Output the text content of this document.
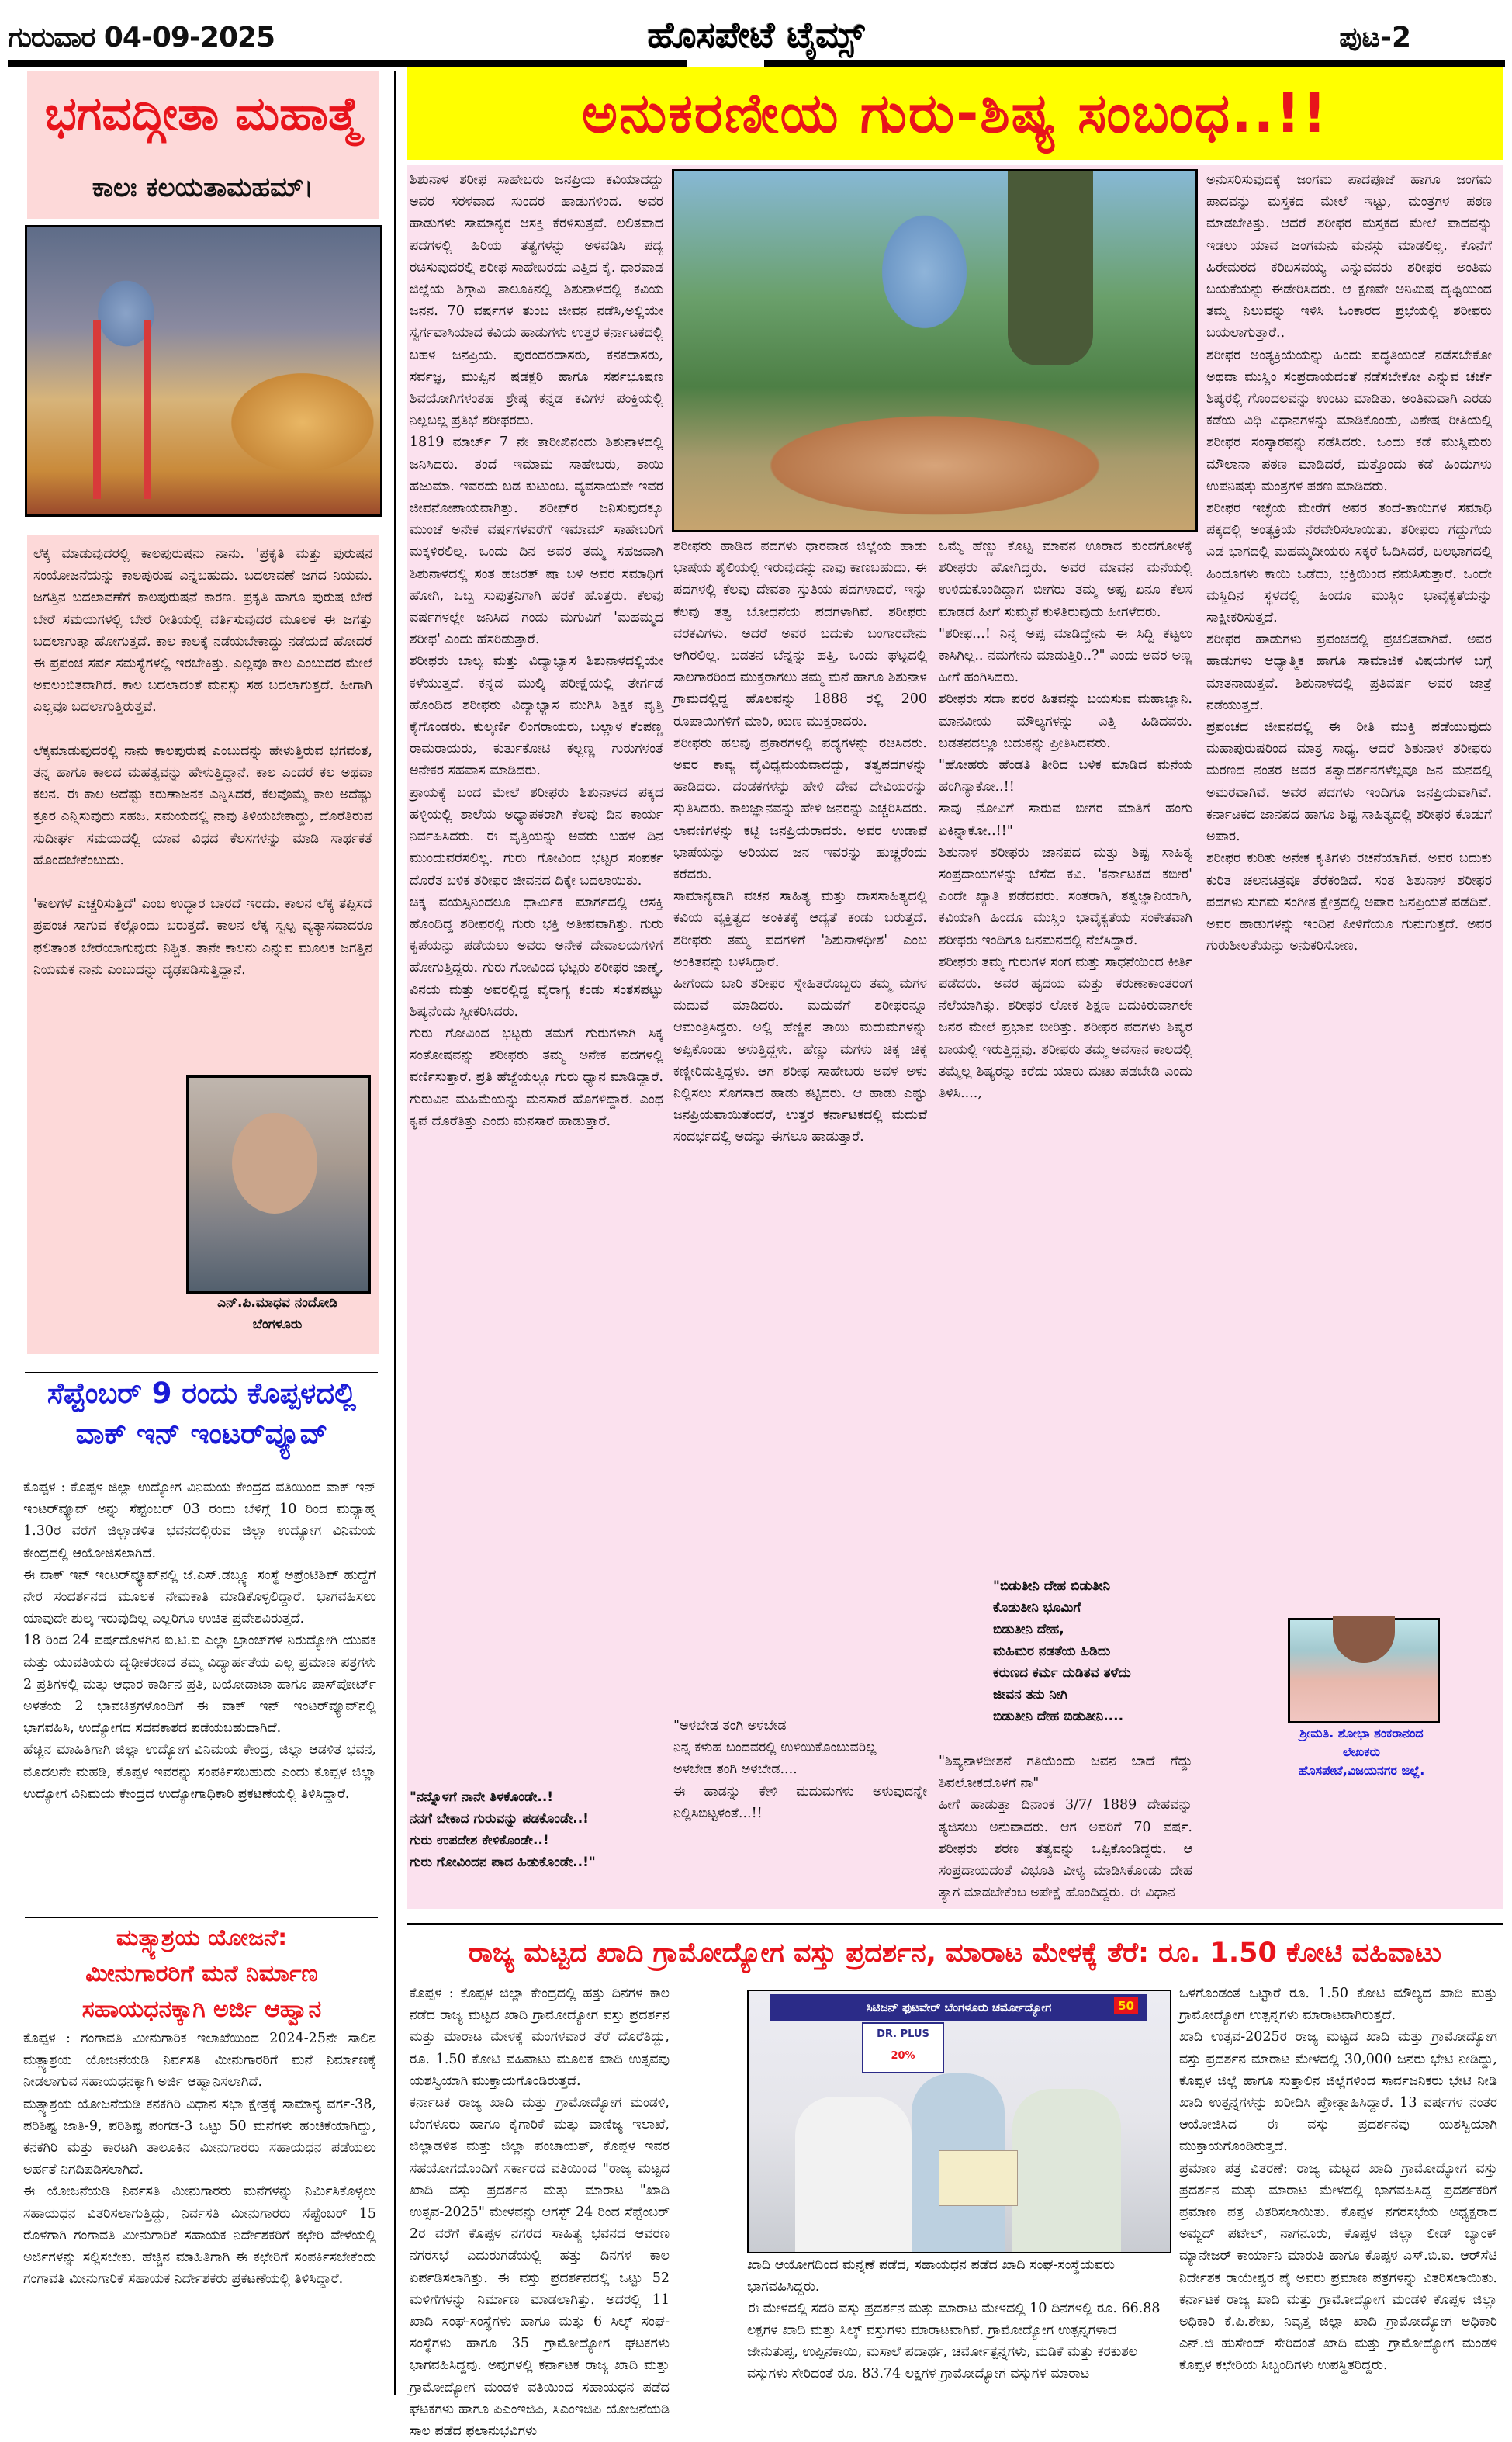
ಹೊಸಪೇಟೆ ಟೈಮ್ಸ್
ಗುರುವಾರ 04-09-2025	ಪುಟ-2
ಭಗವದ್ಗೀತಾ ಮಹಾತ್ಮೆ
ಕಾಲಃ ಕಲಯತಾಮಹಮ್।
ಲೆಕ್ಕ ಮಾಡುವುದರಲ್ಲಿ ಕಾಲಪುರುಷನು ನಾನು. 'ಪ್ರಕೃತಿ ಮತ್ತು ಪುರುಷನ ಸಂಯೋಜನೆಯನ್ನು ಕಾಲಪುರುಷ ಎನ್ನಬಹುದು. ಬದಲಾವಣೆ ಜಗದ ನಿಯಮ. ಜಗತ್ತಿನ ಬದಲಾವಣೆಗೆ ಕಾಲಪುರುಷನೆ ಕಾರಣ. ಪ್ರಕೃತಿ ಹಾಗೂ ಪುರುಷ ಬೇರೆ ಬೇರೆ ಸಮಯಗಳಲ್ಲಿ ಬೇರೆ ರೀತಿಯಲ್ಲಿ ವರ್ತಿಸುವುದರ ಮೂಲಕ ಈ ಜಗತ್ತು ಬದಲಾಗುತ್ತಾ ಹೋಗುತ್ತದೆ. ಕಾಲ ಕಾಲಕ್ಕೆ ನಡೆಯಬೇಕಾದ್ದು ನಡೆಯದೆ ಹೋದರೆ ಈ ಪ್ರಪಂಚ ಸರ್ವ ಸಮಸ್ಯೆಗಳಲ್ಲಿ ಇರಬೇಕಿತ್ತು. ಎಲ್ಲವೂ ಕಾಲ ಎಂಬುದರ ಮೇಲೆ ಅವಲಂಬಿತವಾಗಿದೆ. ಕಾಲ ಬದಲಾದಂತೆ ಮನಸ್ಸು ಸಹ ಬದಲಾಗುತ್ತದೆ. ಹೀಗಾಗಿ ಎಲ್ಲವೂ ಬದಲಾಗುತ್ತಿರುತ್ತವೆ.

ಲೆಕ್ಕಮಾಡುವುದರಲ್ಲಿ ನಾನು ಕಾಲಪುರುಷ ಎಂಬುದನ್ನು ಹೇಳುತ್ತಿರುವ ಭಗವಂತ, ತನ್ನ ಹಾಗೂ ಕಾಲದ ಮಹತ್ವವನ್ನು ಹೇಳುತ್ತಿದ್ದಾನೆ. ಕಾಲ ಎಂದರೆ ಕಲ ಅಥವಾ ಕಲನ. ಈ ಕಾಲ ಅದೆಷ್ಟು ಕರುಣಾಜನಕ ಎನ್ನಿಸಿದರೆ, ಕೆಲವೊಮ್ಮೆ ಕಾಲ ಅದೆಷ್ಟು ಕ್ರೂರ ಎನ್ನಿಸುವುದು ಸಹಜ. ಸಮಯದಲ್ಲಿ ನಾವು ತಿಳಿಯಬೇಕಾದ್ದು, ದೊರೆತಿರುವ ಸುದೀರ್ಘ ಸಮಯದಲ್ಲಿ ಯಾವ ವಿಧದ ಕೆಲಸಗಳನ್ನು ಮಾಡಿ ಸಾರ್ಥಕತೆ ಹೊಂದಬೇಕೆಂಬುದು.

'ಕಾಲಗಳೆ ಎಚ್ಚರಿಸುತ್ತಿದೆ' ಎಂಬ ಉದ್ಧಾರ ಬಾರದೆ ಇರದು. ಕಾಲನ ಲೆಕ್ಕ ತಪ್ಪಿಸದೆ ಪ್ರಪಂಚ ಸಾಗುವ ಕೆಲ್ಲೊಂದು ಬರುತ್ತದೆ. ಕಾಲನ ಲೆಕ್ಕ ಸ್ವಲ್ಪ ವ್ಯತ್ಯಾಸವಾದರೂ ಫಲಿತಾಂಶ ಬೇರೆಯಾಗುವುದು ನಿಶ್ಚಿತ. ತಾನೇ ಕಾಲನು ಎನ್ನುವ ಮೂಲಕ ಜಗತ್ತಿನ ನಿಯಮಕ ನಾನು ಎಂಬುದನ್ನು ದೃಢಪಡಿಸುತ್ತಿದ್ದಾನೆ.
ಎನ್.ಪಿ.ಮಾಧವ ನಂದೋಡಿ
ಬೆಂಗಳೂರು
ಸೆಪ್ಟೆಂಬರ್ 9 ರಂದು ಕೊಪ್ಪಳದಲ್ಲಿ
ವಾಕ್ ಇನ್ ಇಂಟರ್‌ವ್ಯೂವ್
ಕೊಪ್ಪಳ : ಕೊಪ್ಪಳ ಜಿಲ್ಲಾ ಉದ್ಯೋಗ ವಿನಿಮಯ ಕೇಂದ್ರದ ವತಿಯಿಂದ ವಾಕ್ ಇನ್ ಇಂಟರ್‌ವ್ಯೂವ್ ಅನ್ನು ಸೆಪ್ಟೆಂಬರ್ 03 ರಂದು ಬೆಳಿಗ್ಗೆ 10 ರಿಂದ ಮಧ್ಯಾಹ್ನ 1.30ರ ವರೆಗೆ ಜಿಲ್ಲಾಡಳಿತ ಭವನದಲ್ಲಿರುವ ಜಿಲ್ಲಾ ಉದ್ಯೋಗ ವಿನಿಮಯ ಕೇಂದ್ರದಲ್ಲಿ ಆಯೋಜಿಸಲಾಗಿದೆ.
ಈ ವಾಕ್ ಇನ್ ಇಂಟರ್‌ವ್ಯೂವ್‌ನಲ್ಲಿ ಜೆ.ಎಸ್.ಡಬ್ಲ್ಯೂ ಸಂಸ್ಥೆ ಅಪ್ರೆಂಟಿಶಿಪ್ ಹುದ್ದೆಗೆ ನೇರ ಸಂದರ್ಶನದ ಮೂಲಕ ನೇಮಕಾತಿ ಮಾಡಿಕೊಳ್ಳಲಿದ್ದಾರೆ. ಭಾಗವಹಿಸಲು ಯಾವುದೇ ಶುಲ್ಕ ಇರುವುದಿಲ್ಲ ಎಲ್ಲರಿಗೂ ಉಚಿತ ಪ್ರವೇಶವಿರುತ್ತದೆ.
18 ರಿಂದ 24 ವರ್ಷದೊಳಗಿನ ಐ.ಟಿ.ಐ ಎಲ್ಲಾ ಬ್ರಾಂಚ್‌ಗಳ ನಿರುದ್ಯೋಗಿ ಯುವಕ ಮತ್ತು ಯುವತಿಯರು ದೃಢೀಕರಣದ ತಮ್ಮ ವಿದ್ಯಾರ್ಹತೆಯ ಎಲ್ಲ ಪ್ರಮಾಣ ಪತ್ರಗಳು 2 ಪ್ರತಿಗಳಲ್ಲಿ ಮತ್ತು ಆಧಾರ ಕಾರ್ಡಿನ ಪ್ರತಿ, ಬಯೋಡಾಟಾ ಹಾಗೂ ಪಾಸ್‌ಪೋರ್ಟ್ ಅಳತೆಯ 2 ಭಾವಚಿತ್ರಗಳೊಂದಿಗೆ ಈ ವಾಕ್ ಇನ್ ಇಂಟರ್‌ವ್ಯೂವ್‌ನಲ್ಲಿ ಭಾಗವಹಿಸಿ, ಉದ್ಯೋಗದ ಸದವಕಾಶದ ಪಡೆಯಬಹುದಾಗಿದೆ.
ಹೆಚ್ಚಿನ ಮಾಹಿತಿಗಾಗಿ ಜಿಲ್ಲಾ ಉದ್ಯೋಗ ವಿನಿಮಯ ಕೇಂದ್ರ, ಜಿಲ್ಲಾ ಆಡಳಿತ ಭವನ, ಮೊದಲನೇ ಮಹಡಿ, ಕೊಪ್ಪಳ ಇವರನ್ನು ಸಂಪರ್ಕಿಸಬಹುದು ಎಂದು ಕೊಪ್ಪಳ ಜಿಲ್ಲಾ ಉದ್ಯೋಗ ವಿನಿಮಯ ಕೇಂದ್ರದ ಉದ್ಯೋಗಾಧಿಕಾರಿ ಪ್ರಕಟಣೆಯಲ್ಲಿ ತಿಳಿಸಿದ್ದಾರೆ.
ಮತ್ಸ್ಯಾಶ್ರಯ ಯೋಜನೆ:
ಮೀನುಗಾರರಿಗೆ ಮನೆ ನಿರ್ಮಾಣ
ಸಹಾಯಧನಕ್ಕಾಗಿ ಅರ್ಜಿ ಆಹ್ವಾನ
ಕೊಪ್ಪಳ : ಗಂಗಾವತಿ ಮೀನುಗಾರಿಕ ಇಲಾಖೆಯಿಂದ 2024-25ನೇ ಸಾಲಿನ ಮತ್ಸ್ಯಾಶ್ರಯ ಯೋಜನೆಯಡಿ ನಿರ್ವಸತಿ ಮೀನುಗಾರರಿಗೆ ಮನೆ ನಿರ್ಮಾಣಕ್ಕೆ ನೀಡಲಾಗುವ ಸಹಾಯಧನಕ್ಕಾಗಿ ಅರ್ಜಿ ಆಹ್ವಾನಿಸಲಾಗಿದೆ.
ಮತ್ಸ್ಯಾಶ್ರಯ ಯೋಜನೆಯಡಿ ಕನಕಗಿರಿ ವಿಧಾನ ಸಭಾ ಕ್ಷೇತ್ರಕ್ಕೆ ಸಾಮಾನ್ಯ ವರ್ಗ-38, ಪರಿಶಿಷ್ಟ ಜಾತಿ-9, ಪರಿಶಿಷ್ಟ ಪಂಗಡ-3 ಒಟ್ಟು 50 ಮನೆಗಳು ಹಂಚಿಕೆಯಾಗಿದ್ದು, ಕನಕಗಿರಿ ಮತ್ತು ಕಾರಟಗಿ ತಾಲೂಕಿನ ಮೀನುಗಾರರು ಸಹಾಯಧನ ಪಡೆಯಲು ಅರ್ಹತೆ ನಿಗದಿಪಡಿಸಲಾಗಿದೆ.
ಈ ಯೋಜನೆಯಡಿ ನಿರ್ವಸತಿ ಮೀನುಗಾರರು ಮನೆಗಳನ್ನು ನಿರ್ಮಿಸಿಕೊಳ್ಳಲು ಸಹಾಯಧನ ವಿತರಿಸಲಾಗುತ್ತಿದ್ದು, ನಿರ್ವಸತಿ ಮೀನುಗಾರರು ಸೆಪ್ಟೆಂಬರ್ 15 ರೊಳಗಾಗಿ ಗಂಗಾವತಿ ಮೀನುಗಾರಿಕೆ ಸಹಾಯಕ ನಿರ್ದೇಶಕರಿಗೆ ಕಛೇರಿ ವೇಳೆಯಲ್ಲಿ ಅರ್ಜಿಗಳನ್ನು ಸಲ್ಲಿಸಬೇಕು. ಹೆಚ್ಚಿನ ಮಾಹಿತಿಗಾಗಿ ಈ ಕಛೇರಿಗೆ ಸಂಪರ್ಕಿಸಬೇಕೆಂದು ಗಂಗಾವತಿ ಮೀನುಗಾರಿಕೆ ಸಹಾಯಕ ನಿರ್ದೇಶಕರು ಪ್ರಕಟಣೆಯಲ್ಲಿ ತಿಳಿಸಿದ್ದಾರೆ.
ಅನುಕರಣೀಯ ಗುರು-ಶಿಷ್ಯ ಸಂಬಂಧ..!!
ಶಿಶುನಾಳ ಶರೀಫ ಸಾಹೇಬರು ಜನಪ್ರಿಯ ಕವಿಯಾದದ್ದು ಅವರ ಸರಳವಾದ ಸುಂದರ ಹಾಡುಗಳಿಂದ. ಅವರ ಹಾಡುಗಳು ಸಾಮಾನ್ಯರ ಆಸಕ್ತಿ ಕೆರಳಿಸುತ್ತವೆ. ಲಲಿತವಾದ ಪದಗಳಲ್ಲಿ ಹಿರಿಯ ತತ್ವಗಳನ್ನು ಅಳವಡಿಸಿ ಪದ್ಯ ರಚಿಸುವುದರಲ್ಲಿ ಶರೀಫ ಸಾಹೇಬರದು ಎತ್ತಿದ ಕೈ. ಧಾರವಾಡ ಜಿಲ್ಲೆಯ ಶಿಗ್ಗಾವಿ ತಾಲೂಕಿನಲ್ಲಿ ಶಿಶುನಾಳದಲ್ಲಿ ಕವಿಯ ಜನನ. 70 ವರ್ಷಗಳ ತುಂಬ ಜೀವನ ನಡೆಸಿ,ಅಲ್ಲಿಯೇ ಸ್ವರ್ಗವಾಸಿಯಾದ ಕವಿಯ ಹಾಡುಗಳು ಉತ್ತರ ಕರ್ನಾಟಕದಲ್ಲಿ ಬಹಳ ಜನಪ್ರಿಯ. ಪುರಂದರದಾಸರು, ಕನಕದಾಸರು, ಸರ್ವಜ್ಞ, ಮುಪ್ಪಿನ ಷಡಕ್ಷರಿ ಹಾಗೂ ಸರ್ಪಭೂಷಣ ಶಿವಯೋಗಿಗಳಂತಹ ಶ್ರೇಷ್ಠ ಕನ್ನಡ ಕವಿಗಳ ಪಂಕ್ತಿಯಲ್ಲಿ ನಿಲ್ಲಬಲ್ಲ ಪ್ರತಿಭೆ ಶರೀಫರದು.
1819 ಮಾರ್ಚ್ 7 ನೇ ತಾರೀಖಿನಂದು ಶಿಶುನಾಳದಲ್ಲಿ ಜನಿಸಿದರು. ತಂದೆ ಇಮಾಮ ಸಾಹೇಬರು, ತಾಯಿ ಹಜುಮಾ. ಇವರದು ಬಡ ಕುಟುಂಬ. ವ್ಯವಸಾಯವೇ ಇವರ ಜೀವನೋಪಾಯವಾಗಿತ್ತು. ಶರೀಫ್‌ರ ಜನಿಸುವುದಕ್ಕೂ ಮುಂಚೆ ಅನೇಕ ವರ್ಷಗಳವರೆಗೆ ಇಮಾಮ್ ಸಾಹೇಬರಿಗೆ ಮಕ್ಕಳಿರಲಿಲ್ಲ. ಒಂದು ದಿನ ಅವರ ತಮ್ಮ ಸಹಜವಾಗಿ ಶಿಶುನಾಳದಲ್ಲಿ ಸಂತ ಹಜರತ್ ಷಾ ಬಳಿ ಅವರ ಸಮಾಧಿಗೆ ಹೋಗಿ, ಒಬ್ಬ ಸುಪುತ್ರನಿಗಾಗಿ ಹರಕೆ ಹೊತ್ತರು. ಕೆಲವು ವರ್ಷಗಳಲ್ಲೇ ಜನಿಸಿದ ಗಂಡು ಮಗುವಿಗೆ 'ಮಹಮ್ಮದ ಶರೀಫ' ಎಂದು ಹೆಸರಿಡುತ್ತಾರೆ.
ಶರೀಫರು ಬಾಲ್ಯ ಮತ್ತು ವಿದ್ಯಾಭ್ಯಾಸ ಶಿಶುನಾಳದಲ್ಲಿಯೇ ಕಳೆಯುತ್ತದೆ. ಕನ್ನಡ ಮುಲ್ಕಿ ಪರೀಕ್ಷೆಯಲ್ಲಿ ತೇರ್ಗಡೆ ಹೊಂದಿದ ಶರೀಫರು ವಿದ್ಯಾಭ್ಯಾಸ ಮುಗಿಸಿ ಶಿಕ್ಷಕ ವೃತ್ತಿ ಕೈಗೊಂಡರು. ಕುಲ್ಕರ್ಣಿ ಲಿಂಗರಾಯರು, ಬಲ್ಲಾಳ ಕೆಂಪಣ್ಣ ರಾಮರಾಯರು, ಕುರ್ತುಕೋಟಿ ಕಲ್ಲಣ್ಣ ಗುರುಗಳಂತೆ ಅನೇಕರ ಸಹವಾಸ ಮಾಡಿದರು.
ಪ್ರಾಯಕ್ಕೆ ಬಂದ ಮೇಲೆ ಶರೀಫರು ಶಿಶುನಾಳದ ಪಕ್ಕದ ಹಳ್ಳಿಯಲ್ಲಿ ಶಾಲೆಯ ಅಧ್ಯಾಪಕರಾಗಿ ಕೆಲವು ದಿನ ಕಾರ್ಯ ನಿರ್ವಹಿಸಿದರು. ಈ ವೃತ್ತಿಯನ್ನು ಅವರು ಬಹಳ ದಿನ ಮುಂದುವರೆಸಲಿಲ್ಲ. ಗುರು ಗೋವಿಂದ ಭಟ್ಟರ ಸಂಪರ್ಕ ದೊರೆತ ಬಳಿಕ ಶರೀಫರ ಜೀವನದ ದಿಕ್ಕೇ ಬದಲಾಯಿತು.
ಚಿಕ್ಕ ವಯಸ್ಸಿನಿಂದಲೂ ಧಾರ್ಮಿಕ ಮಾರ್ಗದಲ್ಲಿ ಆಸಕ್ತಿ ಹೊಂದಿದ್ದ ಶರೀಫರಲ್ಲಿ ಗುರು ಭಕ್ತಿ ಅತೀವವಾಗಿತ್ತು. ಗುರು ಕೃಪೆಯನ್ನು ಪಡೆಯಲು ಅವರು ಅನೇಕ ದೇವಾಲಯಗಳಿಗೆ ಹೋಗುತ್ತಿದ್ದರು. ಗುರು ಗೋವಿಂದ ಭಟ್ಟರು ಶರೀಫರ ಜಾಣ್ಮೆ, ವಿನಯ ಮತ್ತು ಅವರಲ್ಲಿದ್ದ ವೈರಾಗ್ಯ ಕಂಡು ಸಂತಸಪಟ್ಟು ಶಿಷ್ಯನೆಂದು ಸ್ವೀಕರಿಸಿದರು.
ಗುರು ಗೋವಿಂದ ಭಟ್ಟರು ತಮಗೆ ಗುರುಗಳಾಗಿ ಸಿಕ್ಕ ಸಂತೋಷವನ್ನು ಶರೀಫರು ತಮ್ಮ ಅನೇಕ ಪದಗಳಲ್ಲಿ ವರ್ಣಿಸುತ್ತಾರೆ. ಪ್ರತಿ ಹೆಜ್ಜೆಯಲ್ಲೂ ಗುರು ಧ್ಯಾನ ಮಾಡಿದ್ದಾರೆ. ಗುರುವಿನ ಮಹಿಮೆಯನ್ನು ಮನಸಾರೆ ಹೊಗಳಿದ್ದಾರೆ. ಎಂಥ ಕೃಪೆ ದೊರೆತಿತ್ತು ಎಂದು ಮನಸಾರೆ ಹಾಡುತ್ತಾರೆ.
"ನನ್ನೊಳಗೆ ನಾನೇ ತಿಳಕೊಂಡೇ..!
ನನಗೆ ಬೇಕಾದ ಗುರುವನ್ನು ಪಡಕೊಂಡೇ..!
ಗುರು ಉಪದೇಶ ಕೇಳಿಕೊಂಡೇ..!
ಗುರು ಗೋವಿಂದನ ಪಾದ ಹಿಡುಕೊಂಡೇ..!"
ಶರೀಫರು ಹಾಡಿದ ಪದಗಳು ಧಾರವಾಡ ಜಿಲ್ಲೆಯ ಹಾಡು ಭಾಷೆಯ ಶೈಲಿಯಲ್ಲಿ ಇರುವುದನ್ನು ನಾವು ಕಾಣಬಹುದು. ಈ ಪದಗಳಲ್ಲಿ ಕೆಲವು ದೇವತಾ ಸ್ತುತಿಯ ಪದಗಳಾದರೆ, ಇನ್ನು ಕೆಲವು ತತ್ವ ಬೋಧನೆಯ ಪದಗಳಾಗಿವೆ. ಶರೀಫರು ವರಕವಿಗಳು. ಅದರೆ ಅವರ ಬದುಕು ಬಂಗಾರವೇನು ಆಗಿರಲಿಲ್ಲ. ಬಡತನ ಬೆನ್ನನ್ನು ಹತ್ತಿ, ಒಂದು ಘಟ್ಟದಲ್ಲಿ ಸಾಲಗಾರರಿಂದ ಮುಕ್ತರಾಗಲು ತಮ್ಮ ಮನೆ ಹಾಗೂ ಶಿಶುನಾಳ ಗ್ರಾಮದಲ್ಲಿದ್ದ ಹೊಲವನ್ನು 1888 ರಲ್ಲಿ 200 ರೂಪಾಯಿಗಳಿಗೆ ಮಾರಿ, ಋಣ ಮುಕ್ತರಾದರು.
ಶರೀಫರು ಹಲವು ಪ್ರಕಾರಗಳಲ್ಲಿ ಪದ್ಯಗಳನ್ನು ರಚಿಸಿದರು. ಅವರ ಕಾವ್ಯ ವೈವಿಧ್ಯಮಯವಾದದ್ದು, ತತ್ವಪದಗಳನ್ನು ಹಾಡಿದರು. ದಂಡಕಗಳನ್ನು ಹೇಳಿ ದೇವ ದೇವಿಯರನ್ನು ಸ್ತುತಿಸಿದರು. ಕಾಲಜ್ಞಾನವನ್ನು ಹೇಳಿ ಜನರನ್ನು ಎಚ್ಚರಿಸಿದರು. ಲಾವಣಿಗಳನ್ನು ಕಟ್ಟಿ ಜನಪ್ರಿಯರಾದರು. ಅವರ ಉಡಾಫೆ ಭಾಷೆಯನ್ನು ಅರಿಯದ ಜನ ಇವರನ್ನು ಹುಚ್ಚರೆಂದು ಕರೆದರು.
ಸಾಮಾನ್ಯವಾಗಿ ವಚನ ಸಾಹಿತ್ಯ ಮತ್ತು ದಾಸಸಾಹಿತ್ಯದಲ್ಲಿ ಕವಿಯ ವ್ಯಕ್ತಿತ್ವದ ಅಂಕಿತಕ್ಕೆ ಆದ್ಯತೆ ಕಂಡು ಬರುತ್ತದೆ. ಶರೀಫರು ತಮ್ಮ ಪದಗಳಿಗೆ 'ಶಿಶುನಾಳಧೀಶ' ಎಂಬ ಅಂಕಿತವನ್ನು ಬಳಸಿದ್ದಾರೆ.
ಹೀಗೆಂದು ಬಾರಿ ಶರೀಫರ ಸ್ನೇಹಿತರೊಬ್ಬರು ತಮ್ಮ ಮಗಳ ಮದುವೆ ಮಾಡಿದರು. ಮದುವೆಗೆ ಶರೀಫರನ್ನೂ ಆಮಂತ್ರಿಸಿದ್ದರು. ಅಲ್ಲಿ ಹೆಣ್ಣಿನ ತಾಯಿ ಮದುಮಗಳನ್ನು ಅಪ್ಪಿಕೊಂಡು ಅಳುತ್ತಿದ್ದಳು. ಹೆಣ್ಣು ಮಗಳು ಚಿಕ್ಕ ಚಿಕ್ಕ ಕಣ್ಣೀರಿಡುತ್ತಿದ್ದಳು. ಆಗ ಶರೀಫ ಸಾಹೇಬರು ಅವಳ ಅಳು ನಿಲ್ಲಿಸಲು ಸೊಗಸಾದ ಹಾಡು ಕಟ್ಟಿದರು. ಆ ಹಾಡು ಎಷ್ಟು ಜನಪ್ರಿಯವಾಯಿತೆಂದರೆ, ಉತ್ತರ ಕರ್ನಾಟಕದಲ್ಲಿ ಮದುವೆ ಸಂದರ್ಭದಲ್ಲಿ ಅದನ್ನು ಈಗಲೂ ಹಾಡುತ್ತಾರೆ.
"ಅಳಬೇಡ ತಂಗಿ ಅಳಬೇಡ
ನಿನ್ನ ಕಳುಹ ಬಂದವರಲ್ಲಿ ಉಳಿಯಿಕೊಂಬುವರಿಲ್ಲ
ಅಳಬೇಡ ತಂಗಿ ಅಳಬೇಡ....
ಈ ಹಾಡನ್ನು ಕೇಳಿ ಮದುಮಗಳು ಅಳುವುದನ್ನೇ ನಿಲ್ಲಿಸಿಬಿಟ್ಟಳಂತೆ...!!
ಒಮ್ಮೆ ಹೆಣ್ಣು ಕೊಟ್ಟ ಮಾವನ ಊರಾದ ಕುಂದಗೋಳಕ್ಕೆ ಶರೀಫರು ಹೋಗಿದ್ದರು. ಅವರ ಮಾವನ ಮನೆಯಲ್ಲಿ ಉಳಿದುಕೊಂಡಿದ್ದಾಗ ಬೀಗರು ತಮ್ಮ ಅಪ್ಪ ಏನೂ ಕೆಲಸ ಮಾಡದೆ ಹೀಗೆ ಸುಮ್ಮನೆ ಕುಳಿತಿರುವುದು ಹೀಗಳೆದರು.
"ಶರೀಫ...! ನಿನ್ನ ಅಪ್ಪ ಮಾಡಿದ್ದೇನು ಈ ಸಿದ್ದಿ ಕಟ್ಟಲು ಕಾಸಿಗಿಲ್ಲ.. ನಮಗೇನು ಮಾಡುತ್ತಿರಿ..?" ಎಂದು ಅವರ ಅಣ್ಣ ಹೀಗೆ ಹಂಗಿಸಿದರು.
ಶರೀಫರು ಸದಾ ಪರರ ಹಿತವನ್ನು ಬಯಸುವ ಮಹಾಜ್ಞಾನಿ. ಮಾನವೀಯ ಮೌಲ್ಯಗಳನ್ನು ಎತ್ತಿ ಹಿಡಿದವರು. ಬಡತನದಲ್ಲೂ ಬದುಕನ್ನು ಪ್ರೀತಿಸಿದವರು.
"ಹೋಹರು ಹೆಂಡತಿ ತೀರಿದ ಬಳಿಕ ಮಾಡಿದ ಮನೆಯ ಹಂಗಿನ್ಯಾಕೋ..!!
ಸಾವು ನೋವಿಗೆ ಸಾರುವ ಬೀಗರ ಮಾತಿಗೆ ಹಂಗು ಏಕಿನ್ನಾಕೋ..!!"
ಶಿಶುನಾಳ ಶರೀಫರು ಜಾನಪದ ಮತ್ತು ಶಿಷ್ಟ ಸಾಹಿತ್ಯ ಸಂಪ್ರದಾಯಗಳನ್ನು ಬೆಸೆದ ಕವಿ. 'ಕರ್ನಾಟಕದ ಕಬೀರ' ಎಂದೇ ಖ್ಯಾತಿ ಪಡೆದವರು. ಸಂತರಾಗಿ, ತತ್ವಜ್ಞಾನಿಯಾಗಿ, ಕವಿಯಾಗಿ ಹಿಂದೂ ಮುಸ್ಲಿಂ ಭಾವೈಕ್ಯತೆಯ ಸಂಕೇತವಾಗಿ ಶರೀಫರು ಇಂದಿಗೂ ಜನಮನದಲ್ಲಿ ನೆಲೆಸಿದ್ದಾರೆ.
ಶರೀಫರು ತಮ್ಮ ಗುರುಗಳ ಸಂಗ ಮತ್ತು ಸಾಧನೆಯಿಂದ ಕೀರ್ತಿ ಪಡೆದರು. ಅವರ ಹೃದಯ ಮತ್ತು ಕರುಣಾಕಾಂತರಂಗ ನೆಲೆಯಾಗಿತ್ತು. ಶರೀಫರ ಲೋಕ ಶಿಕ್ಷಣ ಬದುಕಿರುವಾಗಲೇ ಜನರ ಮೇಲೆ ಪ್ರಭಾವ ಬೀರಿತ್ತು. ಶರೀಫರ ಪದಗಳು ಶಿಷ್ಯರ ಬಾಯಲ್ಲಿ ಇರುತ್ತಿದ್ದವು. ಶರೀಫರು ತಮ್ಮ ಅವಸಾನ ಕಾಲದಲ್ಲಿ ತಮ್ಮೆಲ್ಲ ಶಿಷ್ಯರನ್ನು ಕರೆದು ಯಾರು ದುಃಖ ಪಡಬೇಡಿ ಎಂದು ತಿಳಿಸಿ....,
"ಬಿಡುತೀನಿ ದೇಹ ಬಿಡುತೀನಿ
ಕೊಡುತೀನಿ ಭೂಮಿಗೆ
ಬಿಡುತೀನಿ ದೇಹ,
ಮಹಿಮರ ನಡತೆಯ ಹಿಡಿದು
ಕರುಣದ ಕರ್ಮ ದುಡಿತವ ತಳೆದು
ಜೀವನ ತನು ನೀಗಿ
ಬಿಡುತೀನಿ ದೇಹ ಬಿಡುತೀನಿ....
"ಶಿಷ್ಯನಾಳದೀಶನೆ ಗತಿಯೆಂದು ಜವನ ಬಾದೆ ಗೆದ್ದು ಶಿವಲೋಕದೊಳಗೆ ನಾ"
ಹೀಗೆ ಹಾಡುತ್ತಾ ದಿನಾಂಕ 3/7/ 1889 ದೇಹವನ್ನು ತ್ಯಜಿಸಲು ಅನುವಾದರು. ಆಗ ಅವರಿಗೆ 70 ವರ್ಷ. ಶರೀಫರು ಶರಣ ತತ್ವವನ್ನು ಒಪ್ಪಿಕೊಂಡಿದ್ದರು. ಆ ಸಂಪ್ರದಾಯದಂತೆ ವಿಭೂತಿ ವೀಳ್ಯ ಮಾಡಿಸಿಕೊಂಡು ದೇಹ ತ್ಯಾಗ ಮಾಡಬೇಕೆಂಬ ಅಪೇಕ್ಷೆ ಹೊಂದಿದ್ದರು. ಈ ವಿಧಾನ
ಅನುಸರಿಸುವುದಕ್ಕೆ ಜಂಗಮ ಪಾದಪೂಜೆ ಹಾಗೂ ಜಂಗಮ ಪಾದವನ್ನು ಮಸ್ತಕದ ಮೇಲೆ ಇಟ್ಟು, ಮಂತ್ರಗಳ ಪಠಣ ಮಾಡಬೇಕಿತ್ತು. ಆದರೆ ಶರೀಫರ ಮಸ್ತಕದ ಮೇಲೆ ಪಾದವನ್ನು ಇಡಲು ಯಾವ ಜಂಗಮನು ಮನಸ್ಸು ಮಾಡಲಿಲ್ಲ. ಕೊನೆಗೆ ಹಿರೇಮಠದ ಕರಿಬಸವಯ್ಯ ಎನ್ನುವವರು ಶರೀಫರ ಅಂತಿಮ ಬಯಕೆಯನ್ನು ಈಡೇರಿಸಿದರು. ಆ ಕ್ಷಣವೇ ಅನಿಮಿಷ ದೃಷ್ಟಿಯಿಂದ ತಮ್ಮ ನಿಲುವನ್ನು ಇಳಿಸಿ ಓಂಕಾರದ ಪ್ರಭೆಯಲ್ಲಿ ಶರೀಫರು ಬಯಲಾಗುತ್ತಾರೆ..
ಶರೀಫರ ಅಂತ್ಯಕ್ರಿಯೆಯನ್ನು ಹಿಂದು ಪದ್ಧತಿಯಂತೆ ನಡೆಸಬೇಕೋ ಅಥವಾ ಮುಸ್ಲಿಂ ಸಂಪ್ರದಾಯದಂತೆ ನಡೆಸಬೇಕೋ ಎನ್ನುವ ಚರ್ಚೆ ಶಿಷ್ಯರಲ್ಲಿ ಗೊಂದಲವನ್ನು ಉಂಟು ಮಾಡಿತು. ಅಂತಿಮವಾಗಿ ಎರಡು ಕಡೆಯ ವಿಧಿ ವಿಧಾನಗಳನ್ನು ಮಾಡಿಕೊಂಡು, ವಿಶೇಷ ರೀತಿಯಲ್ಲಿ ಶರೀಫರ ಸಂಸ್ಕಾರವನ್ನು ನಡೆಸಿದರು. ಒಂದು ಕಡೆ ಮುಸ್ಲಿಮರು ಮೌಲಾನಾ ಪಠಣ ಮಾಡಿದರೆ, ಮತ್ತೊಂದು ಕಡೆ ಹಿಂದುಗಳು ಉಪನಿಷತ್ತು ಮಂತ್ರಗಳ ಪಠಣ ಮಾಡಿದರು.
ಶರೀಫರ ಇಚ್ಛೆಯ ಮೇರೆಗೆ ಅವರ ತಂದೆ-ತಾಯಿಗಳ ಸಮಾಧಿ ಪಕ್ಕದಲ್ಲಿ ಅಂತ್ಯಕ್ರಿಯೆ ನೆರವೇರಿಸಲಾಯಿತು. ಶರೀಫರು ಗದ್ದುಗೆಯ ಎಡ ಭಾಗದಲ್ಲಿ ಮಹಮ್ಮದೀಯರು ಸಕ್ಕರೆ ಓದಿಸಿದರೆ, ಬಲಭಾಗದಲ್ಲಿ ಹಿಂದೂಗಳು ಕಾಯಿ ಒಡೆದು, ಭಕ್ತಿಯಿಂದ ನಮಸಿಸುತ್ತಾರೆ. ಒಂದೇ ಮಸ್ಜಿದಿನ ಸ್ಥಳದಲ್ಲಿ ಹಿಂದೂ ಮುಸ್ಲಿಂ ಭಾವೈಕ್ಯತೆಯನ್ನು ಸಾಕ್ಷೀಕರಿಸುತ್ತದೆ.
ಶರೀಫರ ಹಾಡುಗಳು ಪ್ರಪಂಚದಲ್ಲಿ ಪ್ರಚಲಿತವಾಗಿವೆ. ಅವರ ಹಾಡುಗಳು ಆಧ್ಯಾತ್ಮಿಕ ಹಾಗೂ ಸಾಮಾಜಿಕ ವಿಷಯಗಳ ಬಗ್ಗೆ ಮಾತನಾಡುತ್ತವೆ. ಶಿಶುನಾಳದಲ್ಲಿ ಪ್ರತಿವರ್ಷ ಅವರ ಜಾತ್ರೆ ನಡೆಯುತ್ತದೆ.
ಪ್ರಪಂಚದ ಜೀವನದಲ್ಲಿ ಈ ರೀತಿ ಮುಕ್ತಿ ಪಡೆಯುವುದು ಮಹಾಪುರುಷರಿಂದ ಮಾತ್ರ ಸಾಧ್ಯ. ಆದರೆ ಶಿಶುನಾಳ ಶರೀಫರು ಮರಣದ ನಂತರ ಅವರ ತತ್ವಾದರ್ಶನಗಳೆಲ್ಲವೂ ಜನ ಮನದಲ್ಲಿ ಅಮರವಾಗಿವೆ. ಅವರ ಪದಗಳು ಇಂದಿಗೂ ಜನಪ್ರಿಯವಾಗಿವೆ. ಕರ್ನಾಟಕದ ಜಾನಪದ ಹಾಗೂ ಶಿಷ್ಟ ಸಾಹಿತ್ಯದಲ್ಲಿ ಶರೀಫರ ಕೊಡುಗೆ ಅಪಾರ.
ಶರೀಫರ ಕುರಿತು ಅನೇಕ ಕೃತಿಗಳು ರಚನೆಯಾಗಿವೆ. ಅವರ ಬದುಕು ಕುರಿತ ಚಲನಚಿತ್ರವೂ ತೆರೆಕಂಡಿದೆ. ಸಂತ ಶಿಶುನಾಳ ಶರೀಫರ ಪದಗಳು ಸುಗಮ ಸಂಗೀತ ಕ್ಷೇತ್ರದಲ್ಲಿ ಅಪಾರ ಜನಪ್ರಿಯತೆ ಪಡೆದಿವೆ. ಅವರ ಹಾಡುಗಳನ್ನು ಇಂದಿನ ಪೀಳಿಗೆಯೂ ಗುನುಗುತ್ತದೆ. ಅವರ ಗುರುಶೀಲತೆಯನ್ನು ಅನುಕರಿಸೋಣ.
ಶ್ರೀಮತಿ. ಶೋಭಾ ಶಂಕರಾನಂದ
ಲೇಖಕರು
ಹೊಸಪೇಟೆ,ವಿಜಯನಗರ ಜಿಲ್ಲೆ.
ರಾಜ್ಯ ಮಟ್ಟದ ಖಾದಿ ಗ್ರಾಮೋದ್ಯೋಗ ವಸ್ತು ಪ್ರದರ್ಶನ, ಮಾರಾಟ ಮೇಳಕ್ಕೆ ತೆರೆ: ರೂ. 1.50 ಕೋಟಿ ವಹಿವಾಟು
ಕೊಪ್ಪಳ : ಕೊಪ್ಪಳ ಜಿಲ್ಲಾ ಕೇಂದ್ರದಲ್ಲಿ ಹತ್ತು ದಿನಗಳ ಕಾಲ ನಡೆದ ರಾಜ್ಯ ಮಟ್ಟದ ಖಾದಿ ಗ್ರಾಮೋದ್ಯೋಗ ವಸ್ತು ಪ್ರದರ್ಶನ ಮತ್ತು ಮಾರಾಟ ಮೇಳಕ್ಕೆ ಮಂಗಳವಾರ ತೆರೆ ದೊರೆತಿದ್ದು, ರೂ. 1.50 ಕೋಟಿ ವಹಿವಾಟು ಮೂಲಕ ಖಾದಿ ಉತ್ಸವವು ಯಶಸ್ವಿಯಾಗಿ ಮುಕ್ತಾಯಗೊಂಡಿರುತ್ತದೆ.
ಕರ್ನಾಟಕ ರಾಜ್ಯ ಖಾದಿ ಮತ್ತು ಗ್ರಾಮೋದ್ಯೋಗ ಮಂಡಳಿ, ಬೆಂಗಳೂರು ಹಾಗೂ ಕೈಗಾರಿಕೆ ಮತ್ತು ವಾಣಿಜ್ಯ ಇಲಾಖೆ, ಜಿಲ್ಲಾಡಳಿತ ಮತ್ತು ಜಿಲ್ಲಾ ಪಂಚಾಯತ್, ಕೊಪ್ಪಳ ಇವರ ಸಹಯೋಗದೊಂದಿಗೆ ಸರ್ಕಾರದ ವತಿಯಿಂದ "ರಾಜ್ಯ ಮಟ್ಟದ ಖಾದಿ ವಸ್ತು ಪ್ರದರ್ಶನ ಮತ್ತು ಮಾರಾಟ "ಖಾದಿ ಉತ್ಸವ-2025" ಮೇಳವನ್ನು ಆಗಸ್ಟ್ 24 ರಿಂದ ಸೆಪ್ಟೆಂಬರ್ 2ರ ವರೆಗೆ ಕೊಪ್ಪಳ ನಗರದ ಸಾಹಿತ್ಯ ಭವನದ ಆವರಣ ನಗರಸಭೆ ಎದುರುಗಡೆಯಲ್ಲಿ ಹತ್ತು ದಿನಗಳ ಕಾಲ ಏರ್ಪಡಿಸಲಾಗಿತ್ತು. ಈ ವಸ್ತು ಪ್ರದರ್ಶನದಲ್ಲಿ ಒಟ್ಟು 52 ಮಳಿಗೆಗಳನ್ನು ನಿರ್ಮಾಣ ಮಾಡಲಾಗಿತ್ತು. ಅದರಲ್ಲಿ 11 ಖಾದಿ ಸಂಘ-ಸಂಸ್ಥೆಗಳು ಹಾಗೂ ಮತ್ತು 6 ಸಿಲ್ಕ್ ಸಂಘ-ಸಂಸ್ಥೆಗಳು ಹಾಗೂ 35 ಗ್ರಾಮೋದ್ಯೋಗ ಘಟಕಗಳು ಭಾಗವಹಿಸಿದ್ದವು. ಅವುಗಳಲ್ಲಿ ಕರ್ನಾಟಕ ರಾಜ್ಯ ಖಾದಿ ಮತ್ತು ಗ್ರಾಮೋದ್ಯೋಗ ಮಂಡಳಿ ವತಿಯಿಂದ ಸಹಾಯಧನ ಪಡೆದ ಘಟಕಗಳು ಹಾಗೂ ಪಿಎಂಇಜಿಪಿ, ಸಿಎಂಇಜಿಪಿ ಯೋಜನೆಯಡಿ ಸಾಲ ಪಡೆದ ಫಲಾನುಭವಿಗಳು
ಸಿಟಿಜನ್ ಫುಟವೇರ್ ಬೆಂಗಳೂರು ಚರ್ಮೋದ್ಯೋಗ	50
DR. PLUS
20%
ಖಾದಿ ಆಯೋಗದಿಂದ ಮನ್ನಣೆ ಪಡೆದ, ಸಹಾಯಧನ ಪಡೆದ ಖಾದಿ ಸಂಘ-ಸಂಸ್ಥೆಯವರು ಭಾಗವಹಿಸಿದ್ದರು.
ಈ ಮೇಳದಲ್ಲಿ ಸದರಿ ವಸ್ತು ಪ್ರದರ್ಶನ ಮತ್ತು ಮಾರಾಟ ಮೇಳದಲ್ಲಿ 10 ದಿನಗಳಲ್ಲಿ ರೂ. 66.88 ಲಕ್ಷಗಳ ಖಾದಿ ಮತ್ತು ಸಿಲ್ಕ್ ವಸ್ತುಗಳು ಮಾರಾಟವಾಗಿವೆ. ಗ್ರಾಮೋದ್ಯೋಗ ಉತ್ಪನ್ನಗಳಾದ ಜೇನುತುಪ್ಪ, ಉಪ್ಪಿನಕಾಯಿ, ಮಸಾಲೆ ಪದಾರ್ಥ, ಚರ್ಮೋತ್ಪನ್ನಗಳು, ಮಡಿಕೆ ಮತ್ತು ಕರಕುಶಲ ವಸ್ತುಗಳು ಸೇರಿದಂತೆ ರೂ. 83.74 ಲಕ್ಷಗಳ ಗ್ರಾಮೋದ್ಯೋಗ ವಸ್ತುಗಳ ಮಾರಾಟ
ಒಳಗೊಂಡಂತೆ ಒಟ್ಟಾರೆ ರೂ. 1.50 ಕೋಟಿ ಮೌಲ್ಯದ ಖಾದಿ ಮತ್ತು ಗ್ರಾಮೋದ್ಯೋಗ ಉತ್ಪನ್ನಗಳು ಮಾರಾಟವಾಗಿರುತ್ತದೆ.
ಖಾದಿ ಉತ್ಸವ-2025ರ ರಾಜ್ಯ ಮಟ್ಟದ ಖಾದಿ ಮತ್ತು ಗ್ರಾಮೋದ್ಯೋಗ ವಸ್ತು ಪ್ರದರ್ಶನ ಮಾರಾಟ ಮೇಳದಲ್ಲಿ 30,000 ಜನರು ಭೇಟಿ ನೀಡಿದ್ದು, ಕೊಪ್ಪಳ ಜಿಲ್ಲೆ ಹಾಗೂ ಸುತ್ತಾಲಿನ ಜಿಲ್ಲೆಗಳಿಂದ ಸಾರ್ವಜನಿಕರು ಭೇಟಿ ನೀಡಿ ಖಾದಿ ಉತ್ಪನ್ನಗಳನ್ನು ಖರೀದಿಸಿ ಪ್ರೋತ್ಸಾಹಿಸಿದ್ದಾರೆ. 13 ವರ್ಷಗಳ ನಂತರ ಆಯೋಜಿಸಿದ ಈ ವಸ್ತು ಪ್ರದರ್ಶನವು ಯಶಸ್ವಿಯಾಗಿ ಮುಕ್ತಾಯಗೊಂಡಿರುತ್ತದೆ.
ಪ್ರಮಾಣ ಪತ್ರ ವಿತರಣೆ: ರಾಜ್ಯ ಮಟ್ಟದ ಖಾದಿ ಗ್ರಾಮೋದ್ಯೋಗ ವಸ್ತು ಪ್ರದರ್ಶನ ಮತ್ತು ಮಾರಾಟ ಮೇಳದಲ್ಲಿ ಭಾಗವಹಿಸಿದ್ದ ಪ್ರದರ್ಶಕರಿಗೆ ಪ್ರಮಾಣ ಪತ್ರ ವಿತರಿಸಲಾಯಿತು. ಕೊಪ್ಪಳ ನಗರಸಭೆಯ ಅಧ್ಯಕ್ಷರಾದ ಅಮ್ಜದ್ ಪಟೇಲ್, ನಾಗನೂರು, ಕೊಪ್ಪಳ ಜಿಲ್ಲಾ ಲೀಡ್ ಬ್ಯಾಂಕ್ ಮ್ಯಾನೇಜರ್ ಕಾರ್ಯಾನಿ ಮಾರುತಿ ಹಾಗೂ ಕೊಪ್ಪಳ ಎಸ್.ಬಿ.ಐ. ಆರ್‌ಸೆಟಿ ನಿರ್ದೇಶಕ ರಾಯೇಶ್ವರ ಪೈ ಅವರು ಪ್ರಮಾಣ ಪತ್ರಗಳನ್ನು ವಿತರಿಸಲಾಯಿತು. ಕರ್ನಾಟಕ ರಾಜ್ಯ ಖಾದಿ ಮತ್ತು ಗ್ರಾಮೋದ್ಯೋಗ ಮಂಡಳಿ ಕೊಪ್ಪಳ ಜಿಲ್ಲಾ ಅಧಿಕಾರಿ ಕೆ.ಪಿ.ಶೇಖ, ನಿವೃತ್ತ ಜಿಲ್ಲಾ ಖಾದಿ ಗ್ರಾಮೋದ್ಯೋಗ ಅಧಿಕಾರಿ ಎನ್.ಜಿ ಹುಸೇಂದ್ ಸೇರಿದಂತೆ ಖಾದಿ ಮತ್ತು ಗ್ರಾಮೋದ್ಯೋಗ ಮಂಡಳಿ ಕೊಪ್ಪಳ ಕಛೇರಿಯ ಸಿಬ್ಬಂದಿಗಳು ಉಪಸ್ಥಿತರಿದ್ದರು.
